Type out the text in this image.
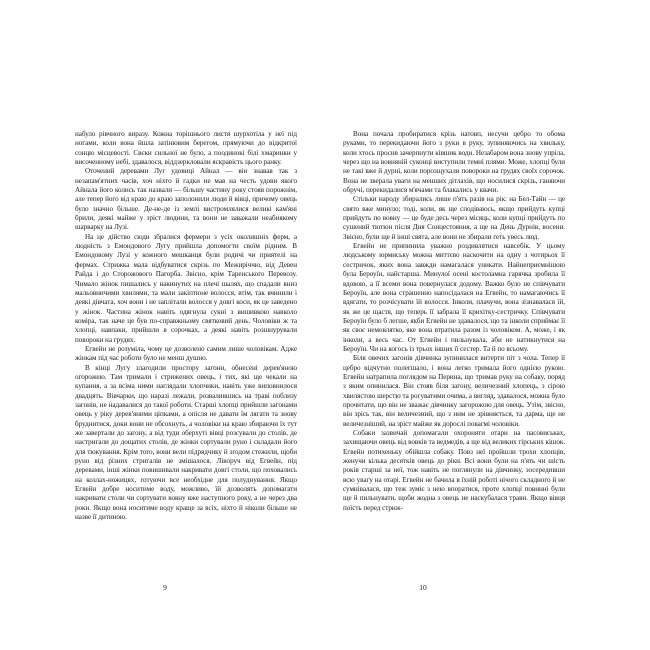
набуло рівчного виразу. Кожна торішнього листя шурхотіла у неї під ногами, коли вона йшла затінювим берегом, прямуючи до відкритої сонцю місцевості. Свєки сильної не було, а поодинокі білі хмаринки у височенному небі, здавалося, віддзеркловали яскравість цього ранку.

Оточений деревами Луг удовиці Айнал — він знавав так з незапам'ятних часів, хоч ніхто й гадки не мав на честь удови якого Айнала його колись так назвали — більшу частину року стояв порожнім, але тепер його від краю до краю заполонили люди й вівці, причому овець було значно більше. Де-не-де із землі вистромлялися великі кам'яні брили, деякі майже у зріст людини, та вони не заважали неабиякому шарварку на Лузі.

На це дійство сюди збралися фермери з усіх околишніх ферм, а людність з Емондового Лугу прийшла допомогти своїм рідним. В Емондовому Лузі у кожного мешканця були родичі чи приятелі на фермах. Стрижка мала відбуватися скрізь по Межиріччю, від Девен Райда і до Сторожового Пагорба. Звісно, крім Таренського Перевозу. Чимало жінок пишались у накинутих на плечі шалях, що спадали вниз мальовничими хвилями, та мали закіптюне волосся, втім, так вчинили і деякі дівчата, хоч вони і не заплітали волосся у довгі коси, як це заведено у жінок. Частина жінок навіть одягнула сукні з вишивкою навколо коміра, так наче це був по-справжньому святковий день. Чоловіки ж та хлопці, навпаки, прийшли в сорочках, а деякі навіть розшнурували повороки на грудях.

Егвейн не розуміла, чому це дозволено самим лише чоловікам. Адже жінкам під час роботи було не менш душно.

В кінці Лугу злагодили простору загони, обнесені дерев'яною огорожею. Там тримали і стрижених овець, і тих, які ще чекали на купання, а за всіма ними наглядали хлопчики, навіть уже виповнилося двадцять. Вівчарки, що наразі лежали, розвалившись на траві поблизу загонів, не надавалися до такої роботи. Старші хлопці прийшли загонами овець у ріку дерев'яними ціпками, а опісля не давати їм лягати та знову бруднитися, доки вони не обсохнуть, а чоловіки на краю збираючи їх тут же завертали до загону, а від туди оберхуті вівці розсували до столів, де настригали до дощатих столів, де жінки сортували руно і складали його для тюкування. Крім того, вони вели підрядчику й згодом стежили, щоби руно від різних стригалів не змішалося. Ліворуч від Егвейн, під деревами, інші жінки повишивали накривати довгі столи, що поховались на козлах-ножицях, готуючи все необхідне для полуднування. Якщо Егвейн добре носитиме воду, можливо, їй дозволять допомагати накривати столи чи сортувати вовну вже наступного року, а не через два роки. Якщо вона носитиме воду краще за всіх, ніхто й ніколи більше не назве її дитиною.

9

Вона почала пробиратися крізь натовп, несучи цебро то обома руками, то перекидаючи його з руки в руку, зупиняючись на хвильку, коли хтось просив зачерпнути ківшик води. Незабаром вона знову упріла, через що на вовняній суконці виступили темні плями. Може, хлопці були не такі вже й дурні, коли порозщухали повороки на грудях своїх сорочок. Вона не зверала уваги на менших дітлахів, що носилися скрізь, ганяючи обручі, перекидалися м'ячами та блакались у квачи.

Стільки народу збирались лише п'ять разів на рік: на Бел-Тайн — це свято вже минуло; тоді, коли, як ще сподіваюсь, якщо прийдуть купці прийдуть по вовну — це буде десь через місяць; коли купці прийдуть по сушений тютюн після Дня Сонцестояння, а ще на День Дурнів, восени. Звісно, були ще й інші свята, але вони не збирали геть увесь люд.

Егвейн не припинила уважно роздивлятися навсебік. У цьому людському юрмиську можна миттєво наскочити на одну з чотирьох її сестричок, яких вона завжди намагалася уникати. Найнеприємнішою була Бероуїн, найстарша. Минулої осені костоламна гарячка зробила її вдовою, а її всеми вона повернулася додому. Важко було не співчувати Бероуїн, але вона страшенно напосідалася на Егвейн, то намагаючись її вдягати, то розчісувати їй волосся. Інколи, плачучи, вона зізнавалася їй, як же це щастя, що теперь її забрала її крихітку-сестричку. Співчувати Бероуїн було б легше, якби Егвейн не здавалося, що та інколи сприймає її як своє немовлятко, яке вона втратила разом із чоловіком. А, може, і як інколи, а весь час. От Егвейн і пильнувала, аби не натикнутися на Бероуїн. Чи на когось із трьох інших її сестер. Та й по всьому.

Біля овечих загонів дівчинка зупинилася витерти піт з чола. Тепер її цебро відчутно полегшало, і вона легко тримала його однією рукою. Егвейн натрапила поглядом на Перина, що тримав руку на собаку, поряд з яким опинилася. Він стояв біля загону, величезний хлопець, з сірою хвилястою шерстю та рогуватими очима, а вигляд, здавалося, можна було прочитати, що він не зважає дівчинку загорожою для овець. Утім, звісно, він зрісь так, він величезний, що з ним не зрівняється, та дарма, ще не величезніший, на зріст майже як дорослі повагмі чоловіки.

Собаки зазвичай допомагали охороняти отари на пасовиськах, захищаючи овець від вовків та ведмедів, а ще від великих гірських кішок. Егвейн потихеньку обійшла собаку. Повз неї пройшли трохи хлопців, женучи кілька десятків овець до ріки. Всі вони були на п'ять чи шість років старші за неї, тож навіть не поглянули на дівчинку, зосередивши всю увагу на отарі. Егвейн не бачила в їхній роботі нічого складного й не сумнівалася, що теж зуміє з нею впоратися, проте хлопці повинні були ще й пильнувати, щоби жодна з овець не наскубалася трави. Якщо вівця поїсть перед стриж-

10
